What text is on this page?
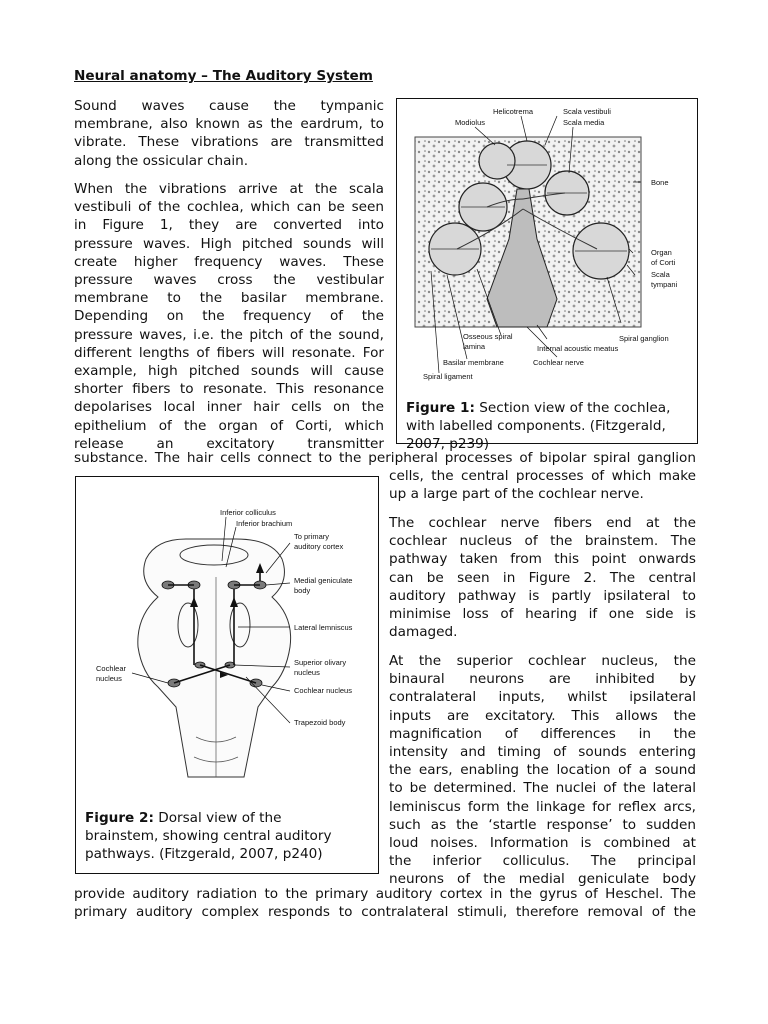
Neural anatomy – The Auditory System
Sound waves cause the tympanic
membrane, also known as the eardrum, to
vibrate. These vibrations are transmitted
along the ossicular chain.
When the vibrations arrive at the scala
vestibuli of the cochlea, which can be seen
in Figure 1, they are converted into
pressure waves. High pitched sounds will
create higher frequency waves. These
pressure waves cross the vestibular
membrane to the basilar membrane.
Depending on the frequency of the
pressure waves, i.e. the pitch of the sound,
different lengths of fibers will resonate. For
example, high pitched sounds will cause
shorter fibers to resonate. This resonance
depolarises local inner hair cells on the
epithelium of the organ of Corti, which
release an excitatory transmitter
substance. The hair cells connect to the peripheral processes of bipolar spiral ganglion
cells, the central processes of which make
up a large part of the cochlear nerve.
The cochlear nerve fibers end at the
cochlear nucleus of the brainstem. The
pathway taken from this point onwards
can be seen in Figure 2. The central
auditory pathway is partly ipsilateral to
minimise loss of hearing if one side is
damaged.
At the superior cochlear nucleus, the
binaural neurons are inhibited by
contralateral inputs, whilst ipsilateral
inputs are excitatory. This allows the
magnification of differences in the
intensity and timing of sounds entering
the ears, enabling the location of a sound
to be determined. The nuclei of the lateral
leminiscus form the linkage for reflex arcs,
such as the ‘startle response’ to sudden
loud noises. Information is combined at
the inferior colliculus. The principal
neurons of the medial geniculate body
provide auditory radiation to the primary auditory cortex in the gyrus of Heschel. The
primary auditory complex responds to contralateral stimuli, therefore removal of the
Helicotrema
Modiolus
Scala vestibuli
Scala media
Bone
Organ
of Corti
Scala
tympani
Osseous spiral
lamina	Internal acoustic meatus
Spiral ganglion
Basilar membrane	Cochlear nerve
Spiral ligament
Figure 1: Section view of the cochlea,
with labelled components. (Fitzgerald,
2007, p239)
Inferior colliculus
Inferior brachium
To primary
auditory cortex
Medial geniculate
body
Lateral lemniscus
Superior olivary
nucleus
Cochlear
nucleus
Cochlear nucleus
Trapezoid body
Figure 2: Dorsal view of the
brainstem, showing central auditory
pathways. (Fitzgerald, 2007, p240)
